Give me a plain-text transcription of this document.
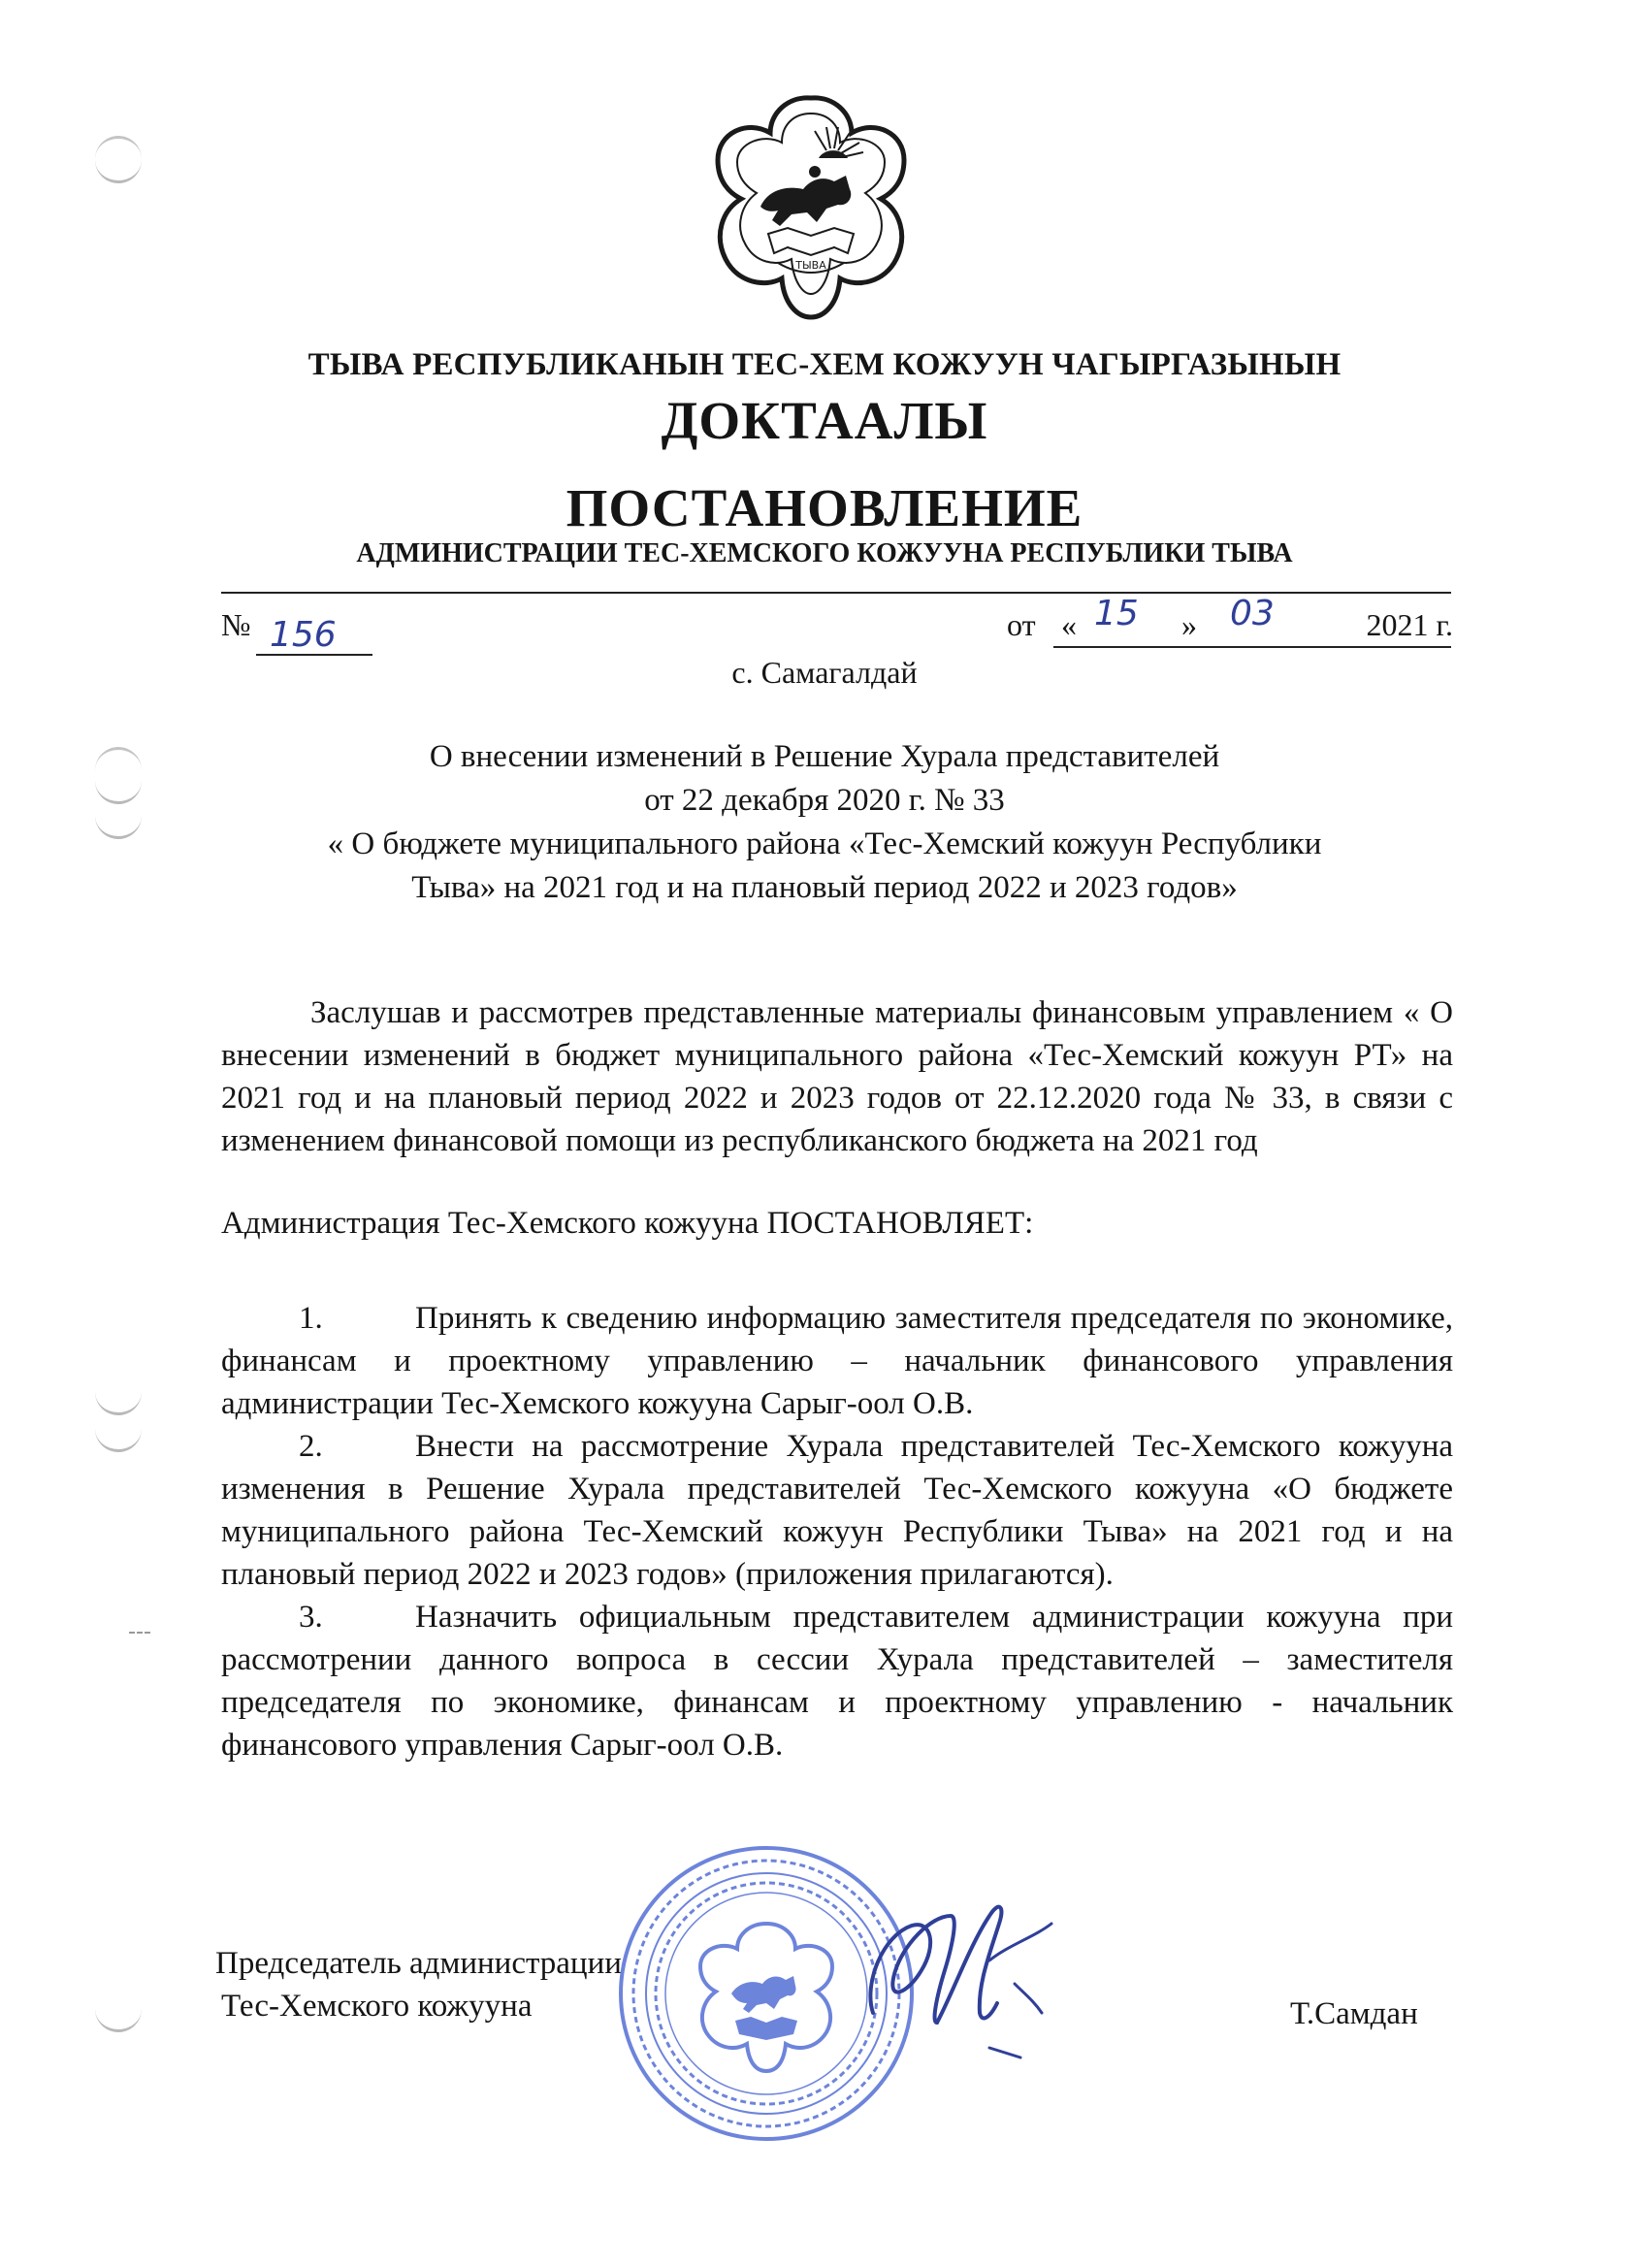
ТЫВА
ТЫВА РЕСПУБЛИКАНЫН ТЕС-ХЕМ КОЖУУН ЧАГЫРГАЗЫНЫН
ДОКТААЛЫ
ПОСТАНОВЛЕНИЕ
АДМИНИСТРАЦИИ ТЕС-ХЕМСКОГО КОЖУУНА РЕСПУБЛИКИ ТЫВА
№ 156	от « 15 » 03	2021 г.
с. Самагалдай
О внесении изменений в Решение Хурала представителей
от 22 декабря 2020 г. № 33
« О бюджете муниципального района «Тес-Хемский кожуун Республики
Тыва» на 2021 год и на плановый период 2022 и 2023 годов»
Заслушав и рассмотрев представленные материалы финансовым управлением « О внесении изменений в бюджет муниципального района «Тес-Хемский кожуун РТ» на 2021 год и на плановый период 2022 и 2023 годов от 22.12.2020 года № 33, в связи с изменением финансовой помощи из республиканского бюджета на 2021 год
Администрация Тес-Хемского кожууна ПОСТАНОВЛЯЕТ:

1.	Принять к сведению информацию заместителя председателя по экономике, финансам и проектному управлению – начальник финансового управления администрации Тес-Хемского кожууна Сарыг-оол О.В.

2.	Внести на рассмотрение Хурала представителей Тес-Хемского кожууна изменения в Решение Хурала представителей Тес-Хемского кожууна «О бюджете муниципального района Тес-Хемский кожуун Республики Тыва» на 2021 год и на плановый период 2022 и 2023 годов» (приложения прилагаются).

3.	Назначить официальным представителем администрации кожууна при рассмотрении данного вопроса в сессии Хурала представителей – заместителя председателя по экономике, финансам и проектному управлению - начальник финансового управления Сарыг-оол О.В.

Председатель администрации
Тес-Хемского кожууна	Т.Самдан
